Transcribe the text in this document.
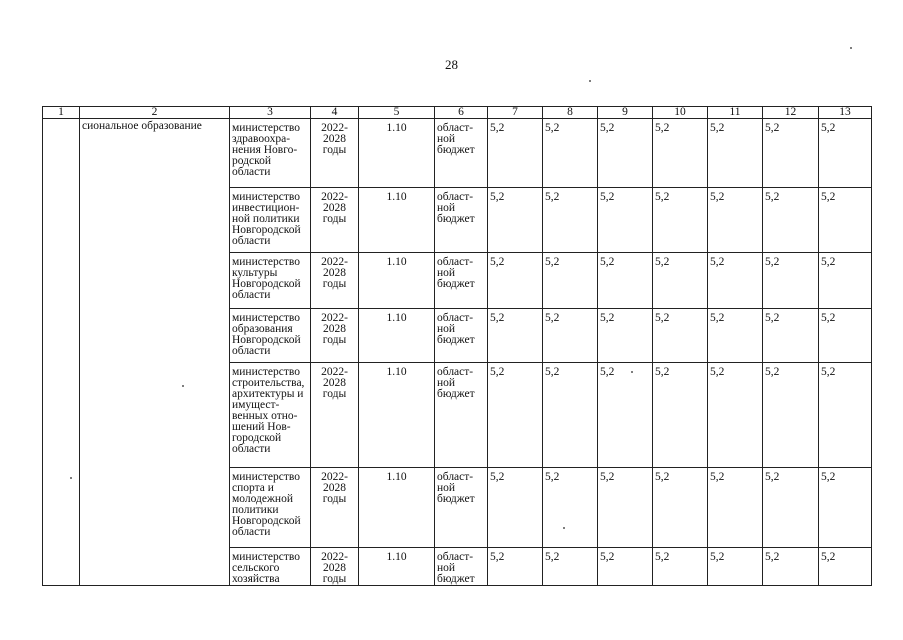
28
1	2	3	4	5	6	7	8	9	10	11	12	13
	сиональное образование	министерство здравоохра-нения Новго-родской области	2022-2028 годы	1.10	област-ной бюджет	5,2	5,2	5,2	5,2	5,2	5,2	5,2
		министерство инвестицион-ной политики Новгородской области	2022-2028 годы	1.10	област-ной бюджет	5,2	5,2	5,2	5,2	5,2	5,2	5,2
		министерство культуры Новгородской области	2022-2028 годы	1.10	област-ной бюджет	5,2	5,2	5,2	5,2	5,2	5,2	5,2
		министерство образования Новгородской области	2022-2028 годы	1.10	област-ной бюджет	5,2	5,2	5,2	5,2	5,2	5,2	5,2
		министерство строительства, архитектуры и имущест-венных отно-шений Нов-городской области	2022-2028 годы	1.10	област-ной бюджет	5,2	5,2	5,2	5,2	5,2	5,2	5,2
		министерство спорта и молодежной политики Новгородской области	2022-2028 годы	1.10	област-ной бюджет	5,2	5,2	5,2	5,2	5,2	5,2	5,2
		министерство сельского хозяйства	2022-2028 годы	1.10	област-ной бюджет	5,2	5,2	5,2	5,2	5,2	5,2	5,2
